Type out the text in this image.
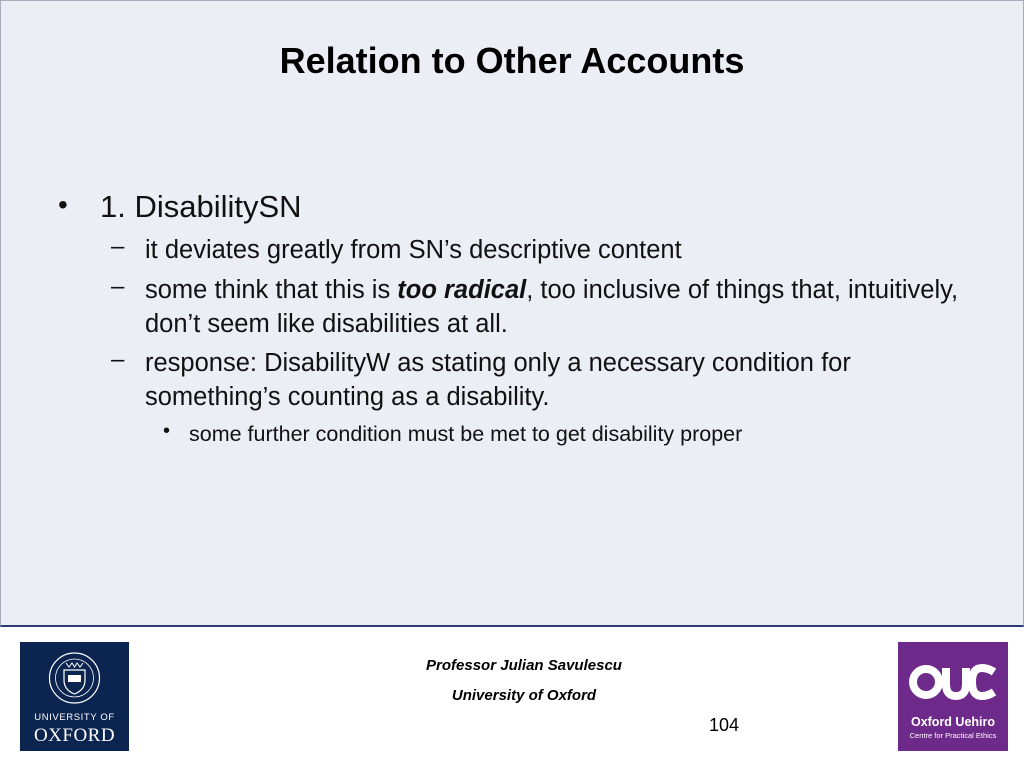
Relation to Other Accounts
• 1. DisabilitySN
– it deviates greatly from SN’s descriptive content
– some think that this is too radical, too inclusive of things that, intuitively, don’t seem like disabilities at all.
– response: DisabilityW as stating only a necessary condition for something’s counting as a disability.
• some further condition must be met to get disability proper
UNIVERSITY OF
OXFORD
Professor Julian Savulescu
University of Oxford
104	Oxford Uehiro
Centre for Practical Ethics
